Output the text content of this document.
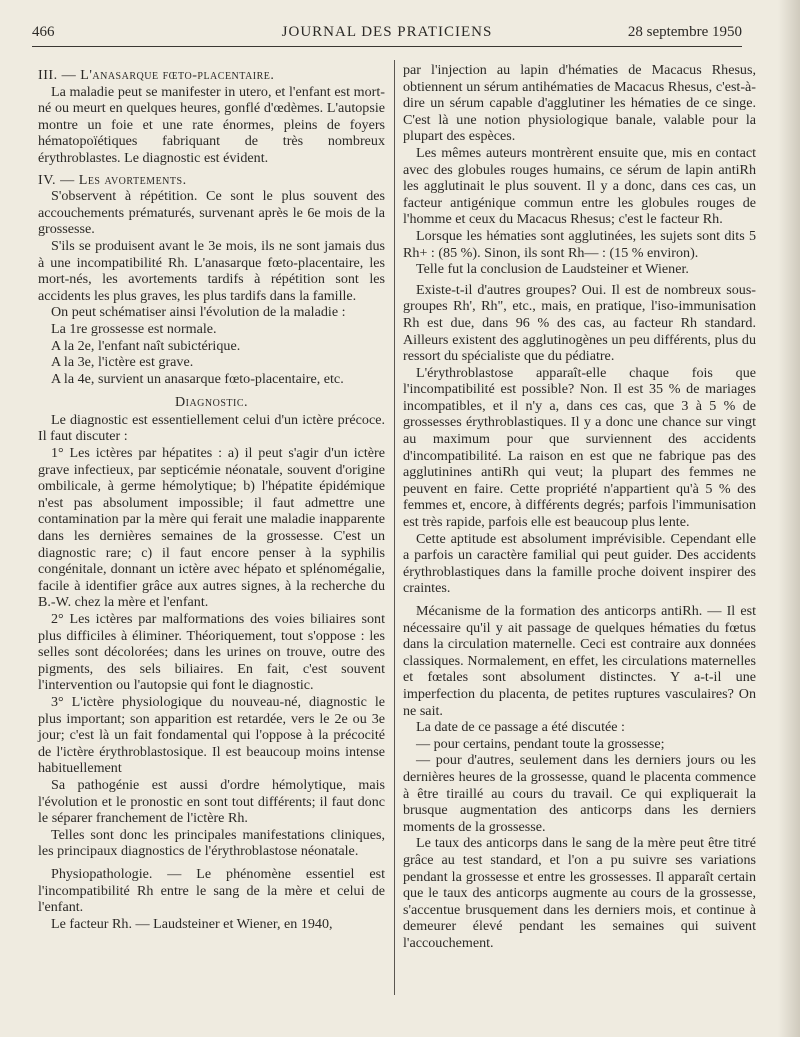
466	JOURNAL DES PRATICIENS	28 septembre 1950

III. — L'anasarque fœto-placentaire.

La maladie peut se manifester in utero, et l'enfant est mort-né ou meurt en quelques heures, gonflé d'œdèmes. L'autopsie montre un foie et une rate énormes, pleins de foyers hématopoïétiques fabriquant de très nombreux érythroblastes. Le diagnostic est évident.

IV. — Les avortements.

S'observent à répétition. Ce sont le plus souvent des accouchements prématurés, survenant après le 6e mois de la grossesse.

S'ils se produisent avant le 3e mois, ils ne sont jamais dus à une incompatibilité Rh. L'anasarque fœto-placentaire, les mort-nés, les avortements tardifs à répétition sont les accidents les plus graves, les plus tardifs dans la famille.

On peut schématiser ainsi l'évolution de la maladie :

La 1re grossesse est normale.

A la 2e, l'enfant naît subictérique.

A la 3e, l'ictère est grave.

A la 4e, survient un anasarque fœto-placentaire, etc.

Diagnostic.

Le diagnostic est essentiellement celui d'un ictère précoce. Il faut discuter :

1° Les ictères par hépatites : a) il peut s'agir d'un ictère grave infectieux, par septicémie néonatale, souvent d'origine ombilicale, à germe hémolytique; b) l'hépatite épidémique n'est pas absolument impossible; il faut admettre une contamination par la mère qui ferait une maladie inapparente dans les dernières semaines de la grossesse. C'est un diagnostic rare; c) il faut encore penser à la syphilis congénitale, donnant un ictère avec hépato et splénomégalie, facile à identifier grâce aux autres signes, à la recherche du B.-W. chez la mère et l'enfant.

2° Les ictères par malformations des voies biliaires sont plus difficiles à éliminer. Théoriquement, tout s'oppose : les selles sont décolorées; dans les urines on trouve, outre des pigments, des sels biliaires. En fait, c'est souvent l'intervention ou l'autopsie qui font le diagnostic.

3° L'ictère physiologique du nouveau-né, diagnostic le plus important; son apparition est retardée, vers le 2e ou 3e jour; c'est là un fait fondamental qui l'oppose à la précocité de l'ictère érythroblastosique. Il est beaucoup moins intense habituellement

Sa pathogénie est aussi d'ordre hémolytique, mais l'évolution et le pronostic en sont tout différents; il faut donc le séparer franchement de l'ictère Rh.

Telles sont donc les principales manifestations cliniques, les principaux diagnostics de l'érythroblastose néonatale.

Physiopathologie. — Le phénomène essentiel est l'incompatibilité Rh entre le sang de la mère et celui de l'enfant.

Le facteur Rh. — Laudsteiner et Wiener, en 1940,

par l'injection au lapin d'hématies de Macacus Rhesus, obtiennent un sérum antihématies de Macacus Rhesus, c'est-à-dire un sérum capable d'agglutiner les hématies de ce singe. C'est là une notion physiologique banale, valable pour la plupart des espèces.

Les mêmes auteurs montrèrent ensuite que, mis en contact avec des globules rouges humains, ce sérum de lapin antiRh les agglutinait le plus souvent. Il y a donc, dans ces cas, un facteur antigénique commun entre les globules rouges de l'homme et ceux du Macacus Rhesus; c'est le facteur Rh.

Lorsque les hématies sont agglutinées, les sujets sont dits 5 Rh+ : (85 %). Sinon, ils sont Rh— : (15 % environ).

Telle fut la conclusion de Laudsteiner et Wiener.

Existe-t-il d'autres groupes? Oui. Il est de nombreux sous-groupes Rh', Rh", etc., mais, en pratique, l'iso-immunisation Rh est due, dans 96 % des cas, au facteur Rh standard. Ailleurs existent des agglutinogènes un peu différents, plus du ressort du spécialiste que du pédiatre.

L'érythroblastose apparaît-elle chaque fois que l'incompatibilité est possible? Non. Il est 35 % de mariages incompatibles, et il n'y a, dans ces cas, que 3 à 5 % de grossesses érythroblastiques. Il y a donc une chance sur vingt au maximum pour que surviennent des accidents d'incompatibilité. La raison en est que ne fabrique pas des agglutinines antiRh qui veut; la plupart des femmes ne peuvent en faire. Cette propriété n'appartient qu'à 5 % des femmes et, encore, à différents degrés; parfois l'immunisation est très rapide, parfois elle est beaucoup plus lente.

Cette aptitude est absolument imprévisible. Cependant elle a parfois un caractère familial qui peut guider. Des accidents érythroblastiques dans la famille proche doivent inspirer des craintes.

Mécanisme de la formation des anticorps antiRh. — Il est nécessaire qu'il y ait passage de quelques hématies du fœtus dans la circulation maternelle. Ceci est contraire aux données classiques. Normalement, en effet, les circulations maternelles et fœtales sont absolument distinctes. Y a-t-il une imperfection du placenta, de petites ruptures vasculaires? On ne sait.

La date de ce passage a été discutée :

— pour certains, pendant toute la grossesse;

— pour d'autres, seulement dans les derniers jours ou les dernières heures de la grossesse, quand le placenta commence à être tiraillé au cours du travail. Ce qui expliquerait la brusque augmentation des anticorps dans les derniers moments de la grossesse.

Le taux des anticorps dans le sang de la mère peut être titré grâce au test standard, et l'on a pu suivre ses variations pendant la grossesse et entre les grossesses. Il apparaît certain que le taux des anticorps augmente au cours de la grossesse, s'accentue brusquement dans les derniers mois, et continue à demeurer élevé pendant les semaines qui suivent l'accouchement.
